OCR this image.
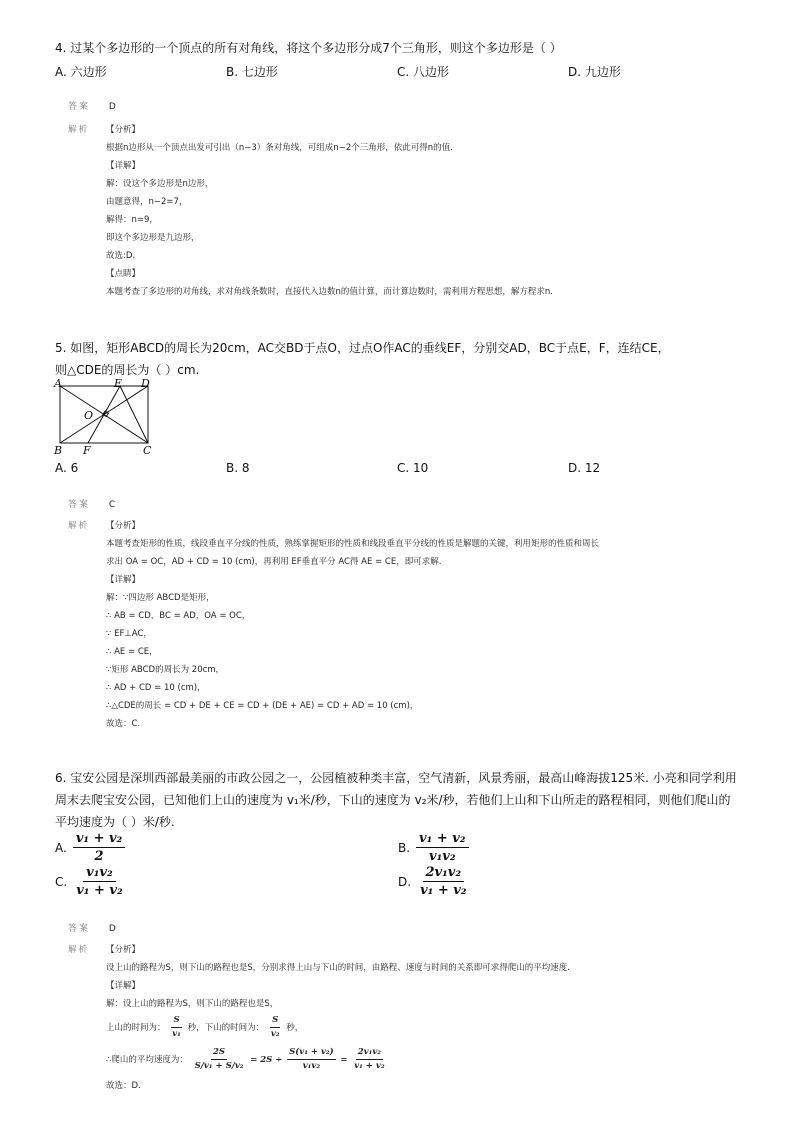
4. 过某个多边形的一个顶点的所有对角线，将这个多边形分成7个三角形，则这个多边形是（ ）
A. 六边形	B. 七边形	C. 八边形	D. 九边形
答案 D
解析 【分析】
根据n边形从一个顶点出发可引出（n−3）条对角线，可组成n−2个三角形，依此可得n的值.
【详解】
解：设这个多边形是n边形，
由题意得，n−2=7，
解得：n=9，
即这个多边形是九边形，
故选:D.
【点睛】
本题考查了多边形的对角线，求对角线条数时，直接代入边数n的值计算，而计算边数时，需利用方程思想，解方程求n.
5. 如图，矩形ABCD的周长为20cm，AC交BD于点O，过点O作AC的垂线EF，分别交AD，BC于点E，F，连结CE，
则△CDE的周长为（ ）cm.
A	E D
O
B F	C
A. 6	B. 8	C. 10	D. 12
答案 C
解析 【分析】
本题考查矩形的性质，线段垂直平分线的性质，熟练掌握矩形的性质和线段垂直平分线的性质是解题的关键，利用矩形的性质和周长
求出 OA = OC，AD + CD = 10 (cm)，再利用 EF垂直平分 AC得 AE = CE，即可求解.
【详解】
解：∵四边形 ABCD是矩形，
∴ AB = CD，BC = AD，OA = OC，
∵ EF⊥AC，
∴ AE = CE，
∵矩形 ABCD的周长为 20cm，
∴ AD + CD = 10 (cm)，
∴△CDE的周长 = CD + DE + CE = CD + (DE + AE) = CD + AD = 10 (cm)，
故选：C.
6. 宝安公园是深圳西部最美丽的市政公园之一，公园植被种类丰富，空气清新，风景秀丽，最高山峰海拔125米. 小亮和同学利用
周末去爬宝安公园，已知他们上山的速度为 v₁米/秒，下山的速度为 v₂米/秒，若他们上山和下山所走的路程相同，则他们爬山的
平均速度为（ ）米/秒.
A. $\frac{\text{v₁ + v₂}}{2}$	B. $\frac{\text{v₁ + v₂}}{\text{v₁v₂}}$
C. $\frac{\text{v₁v₂}}{\text{v₁ + v₂}}$	D. $\frac{\text{2v₁v₂}}{\text{v₁ + v₂}}$
答案 D
解析 【分析】
设上山的路程为S，则下山的路程也是S，分别求得上山与下山的时间，由路程、速度与时间的关系即可求得爬山的平均速度.
【详解】
解：设上山的路程为S，则下山的路程也是S，
上山的时间为： $\frac{S}{\text{v₁}}$ 秒，下山的时间为： $\frac{S}{\text{v₂}}$ 秒，
∴爬山的平均速度为： $\frac{2S}{\text{S/v₁ + S/v₂}} = 2S \div \frac{\text{S(v₁ + v₂)}}{\text{v₁v₂}} = \frac{\text{2v₁v₂}}{\text{v₁ + v₂}}$
故选：D.
